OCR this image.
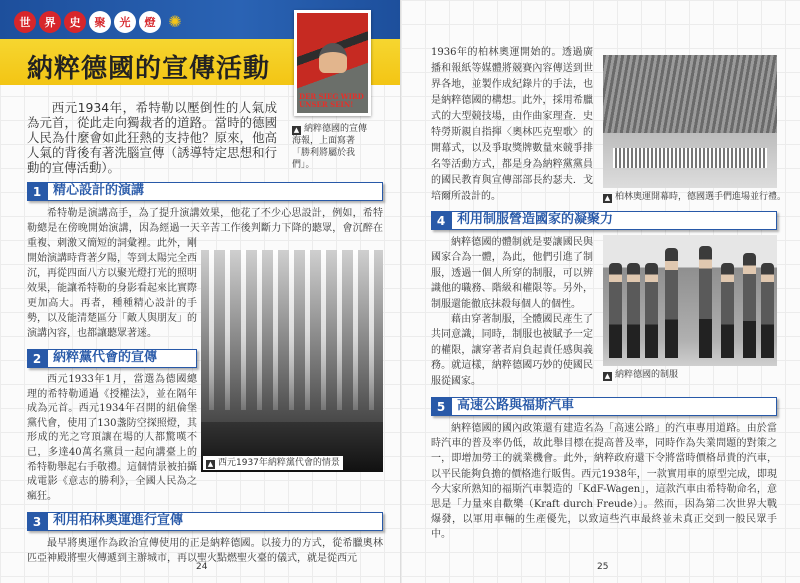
世	界	史	聚	光	燈 ✺
納粹德國的宣傳活動
DER SIEG WIRD UNSER SEIN!
▲ 納粹德國的宣傳海報，上面寫著「勝利將屬於我們」。
西元1934年，希特勒以壓倒性的人氣成為元首，從此走向獨裁者的道路。當時的德國人民為什麼會如此狂熱的支持他？原來，他高人氣的背後有著洗腦宣傳（誘導特定思想和行動的宣傳活動）。
1 精心設計的演講
▲ 西元1937年納粹黨代會的情景

希特勒是演講高手，為了提升演講效果，他花了不少心思設計，例如，希特勒總是在傍晚開始演講，因為經過一天辛苦工作後判斷力下降的聽眾，會沉醉在重複、刺激又簡短的詞彙裡。此外，剛開始演講時背著夕陽，等到太陽完全西沉，再從四面八方以聚光燈打光的照明效果，能讓希特勒的身影看起來比實際更加高大。再者，種種精心設計的手勢，以及能清楚區分「敵人與朋友」的演講內容，也都讓聽眾著迷。

2 納粹黨代會的宣傳

西元1933年1月，當選為德國總理的希特勒通過《授權法》，並在隔年成為元首。西元1934年召開的紐倫堡黨代會，使用了130盞防空探照燈，其形成的光之穹頂讓在場的人都驚嘆不已，多達40萬名黨員一起向講臺上的希特勒舉起右手敬禮。這個情景被拍攝成電影《意志的勝利》，全國人民為之瘋狂。

3 利用柏林奧運進行宣傳

最早將奧運作為政治宣傳使用的正是納粹德國。以接力的方式，從希臘奧林匹亞神殿將聖火傳遞到主辦城市，再以聖火點燃聖火臺的儀式，就是從西元

24
▲ 柏林奧運開幕時，德國選手們進場並行禮。
1936年的柏林奧運開始的。透過廣播和報紙等媒體將競賽內容傳送到世界各地，並製作成紀錄片的手法，也是納粹德國的構想。此外，採用希臘式的大型競技場，由作曲家理查．史特勞斯親自指揮〈奧林匹克聖歌〉的開幕式，以及爭取獎牌數量來競爭排名等活動方式，都是身為納粹黨黨員的國民教育與宣傳部部長約瑟夫．戈培爾所設計的。
4 利用制服營造國家的凝聚力
▲ 納粹德國的制服

納粹德國的體制就是要讓國民與國家合為一體，為此，他們引進了制服，透過一個人所穿的制服，可以辨識他的職務、階級和權限等。另外，制服還能徹底抹殺每個人的個性。

藉由穿著制服，全體國民產生了共同意識，同時，制服也被賦予一定的權限，讓穿著者肩負起責任感與義務。就這樣，納粹德國巧妙的使國民服從國家。

5 高速公路與福斯汽車

納粹德國的國內政策還有建造名為「高速公路」的汽車專用道路。由於當時汽車的普及率仍低，故此舉目標在提高普及率，同時作為失業問題的對策之一，即增加勞工的就業機會。此外，納粹政府還下令將當時價格昂貴的汽車，以平民能夠負擔的價格進行販售。西元1938年，一款實用車的原型完成，即現今大家所熟知的福斯汽車製造的「KdF-Wagen」，這款汽車由希特勒命名，意思是「力量來自歡樂（Kraft durch Freude）」。然而，因為第二次世界大戰爆發，以軍用車輛的生產優先，以致這些汽車最終並未真正交到一般民眾手中。

25
